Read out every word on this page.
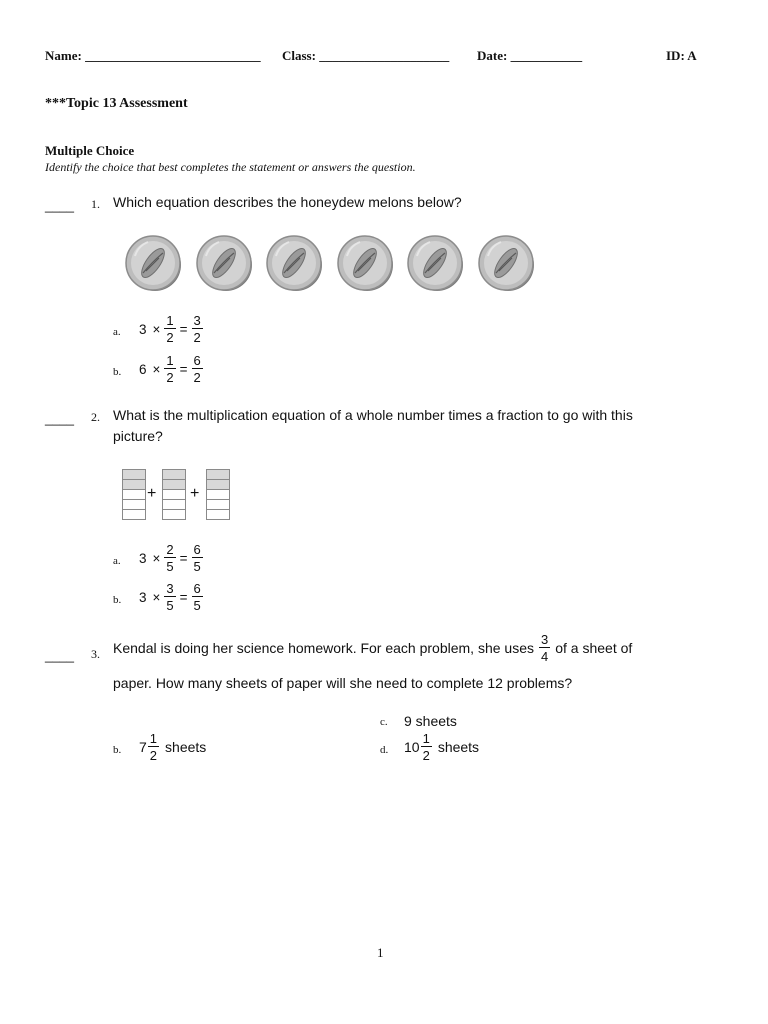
Name: ___________________________ Class: ____________________ Date: ___________	ID: A
***Topic 13 Assessment
Multiple Choice
Identify the choice that best completes the statement or answers the question.
____ 1. Which equation describes the honeydew melons below?
a. $3 \times \frac{1}{2} = \frac{3}{2}$
b. $6 \times \frac{1}{2} = \frac{6}{2}$
____ 2. What is the multiplication equation of a whole number times a fraction to go with this
picture?
+ +
a. $3 \times \frac{2}{5} = \frac{6}{5}$
b. $3 \times \frac{3}{5} = \frac{6}{5}$
____ 3. Kendal is doing her science homework. For each problem, she uses $\frac{3}{4}$ of a sheet of
paper. How many sheets of paper will she need to complete 12 problems?
c. 9 sheets
b. $7 \frac{1}{2}$ sheets	d. $10 \frac{1}{2}$ sheets
1
